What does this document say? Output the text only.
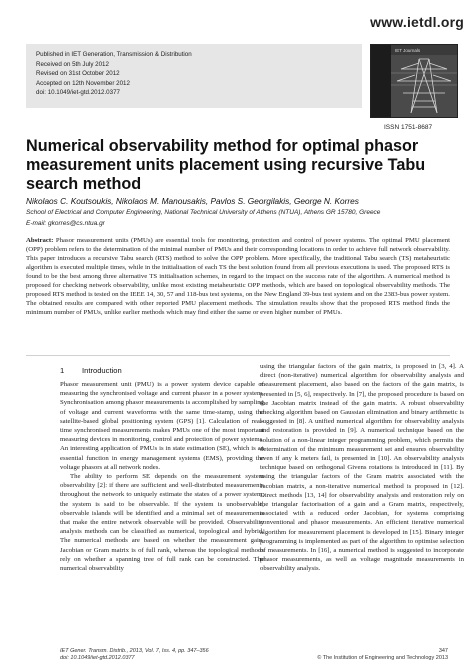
www.ietdl.org
Published in IET Generation, Transmission & Distribution
Received on 5th July 2012
Revised on 31st October 2012
Accepted on 12th November 2012
doi: 10.1049/iet-gtd.2012.0377
IET Journals
ISSN 1751-8687
Numerical observability method for optimal phasor measurement units placement using recursive Tabu search method
Nikolaos C. Koutsoukis, Nikolaos M. Manousakis, Pavlos S. Georgilakis, George N. Korres
School of Electrical and Computer Engineering, National Technical University of Athens (NTUA), Athens GR 15780, Greece
E-mail: gkorres@cs.ntua.gr
Abstract: Phasor measurement units (PMUs) are essential tools for monitoring, protection and control of power systems. The optimal PMU placement (OPP) problem refers to the determination of the minimal number of PMUs and their corresponding locations in order to achieve full network observability. This paper introduces a recursive Tabu search (RTS) method to solve the OPP problem. More specifically, the traditional Tabu search (TS) metaheuristic algorithm is executed multiple times, while in the initialisation of each TS the best solution found from all previous executions is used. The proposed RTS is found to be the best among three alternative TS initialisation schemes, in regard to the impact on the success rate of the algorithm. A numerical method is proposed for checking network observability, unlike most existing metaheuristic OPP methods, which are based on topological observability methods. The proposed RTS method is tested on the IEEE 14, 30, 57 and 118-bus test systems, on the New England 39-bus test system and on the 2383-bus power system. The obtained results are compared with other reported PMU placement methods. The simulation results show that the proposed RTS method finds the minimum number of PMUs, unlike earlier methods which may find either the same or even higher number of PMUs.
1 Introduction

Phasor measurement unit (PMU) is a power system device capable of measuring the synchronised voltage and current phasor in a power system. Synchronisation among phasor measurements is accomplished by sampling of voltage and current waveforms with the same time-stamp, using the satellite-based global positioning system (GPS) [1]. Calculation of real-time synchronised measurements makes PMUs one of the most important measuring devices in monitoring, control and protection of power systems. An interesting application of PMUs is in state estimation (SE), which is an essential function in energy management systems (EMS), providing the voltage phasors at all network nodes.

The ability to perform SE depends on the measurement system observability [2]: if there are sufficient and well-distributed measurements throughout the network to uniquely estimate the states of a power system, the system is said to be observable. If the system is unobservable, observable islands will be identified and a minimal set of measurements that make the entire network observable will be provided. Observability analysis methods can be classified as numerical, topological and hybrid. The numerical methods are based on whether the measurement gain, Jacobian or Gram matrix is of full rank, whereas the topological methods rely on whether a spanning tree of full rank can be constructed. The numerical observability

using the triangular factors of the gain matrix, is proposed in [3, 4]. A direct (non-iterative) numerical algorithm for observability analysis and measurement placement, also based on the factors of the gain matrix, is presented in [5, 6], respectively. In [7], the proposed procedure is based on the Jacobian matrix instead of the gain matrix. A robust observability checking algorithm based on Gaussian elimination and binary arithmetic is suggested in [8]. A unified numerical algorithm for observability analysis and restoration is provided in [9]. A numerical technique based on the solution of a non-linear integer programming problem, which permits the determination of the minimum measurement set and ensures observability even if any k meters fail, is presented in [10]. An observability analysis technique based on orthogonal Givens rotations is introduced in [11]. By using the triangular factors of the Gram matrix associated with the Jacobian matrix, a non-iterative numerical method is proposed in [12]. Direct methods [13, 14] for observability analysis and restoration rely on the triangular factorisation of a gain and a Gram matrix, respectively, associated with a reduced order Jacobian, for systems comprising conventional and phasor measurements. An efficient iterative numerical algorithm for measurement placement is developed in [15]. Binary integer programming is implemented as part of the algorithm to optimise selection of measurements. In [16], a numerical method is suggested to incorporate phasor measurements, as well as voltage magnitude measurements in observability analysis.

IET Gener. Transm. Distrib., 2013, Vol. 7, Iss. 4, pp. 347–356
doi: 10.1049/iet-gtd.2012.0377
347
© The Institution of Engineering and Technology 2013
